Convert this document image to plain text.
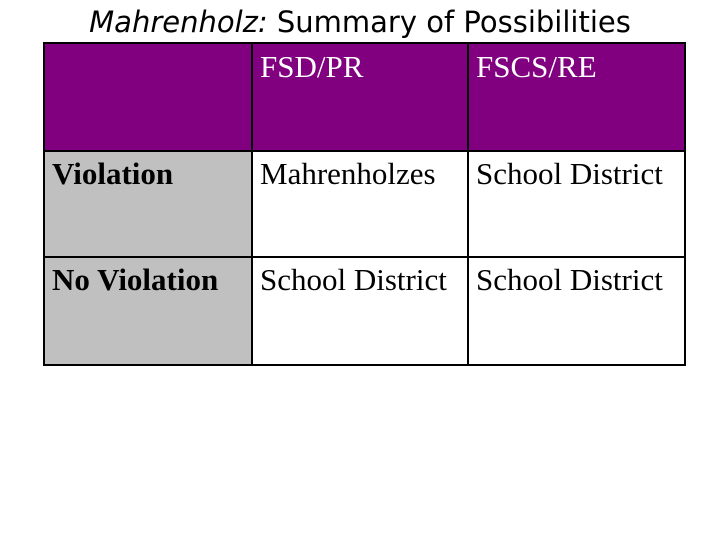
Mahrenholz: Summary of Possibilities

	FSD/PR	FSCS/RE

Violation	Mahrenholzes	School District

No Violation	School District	School District
